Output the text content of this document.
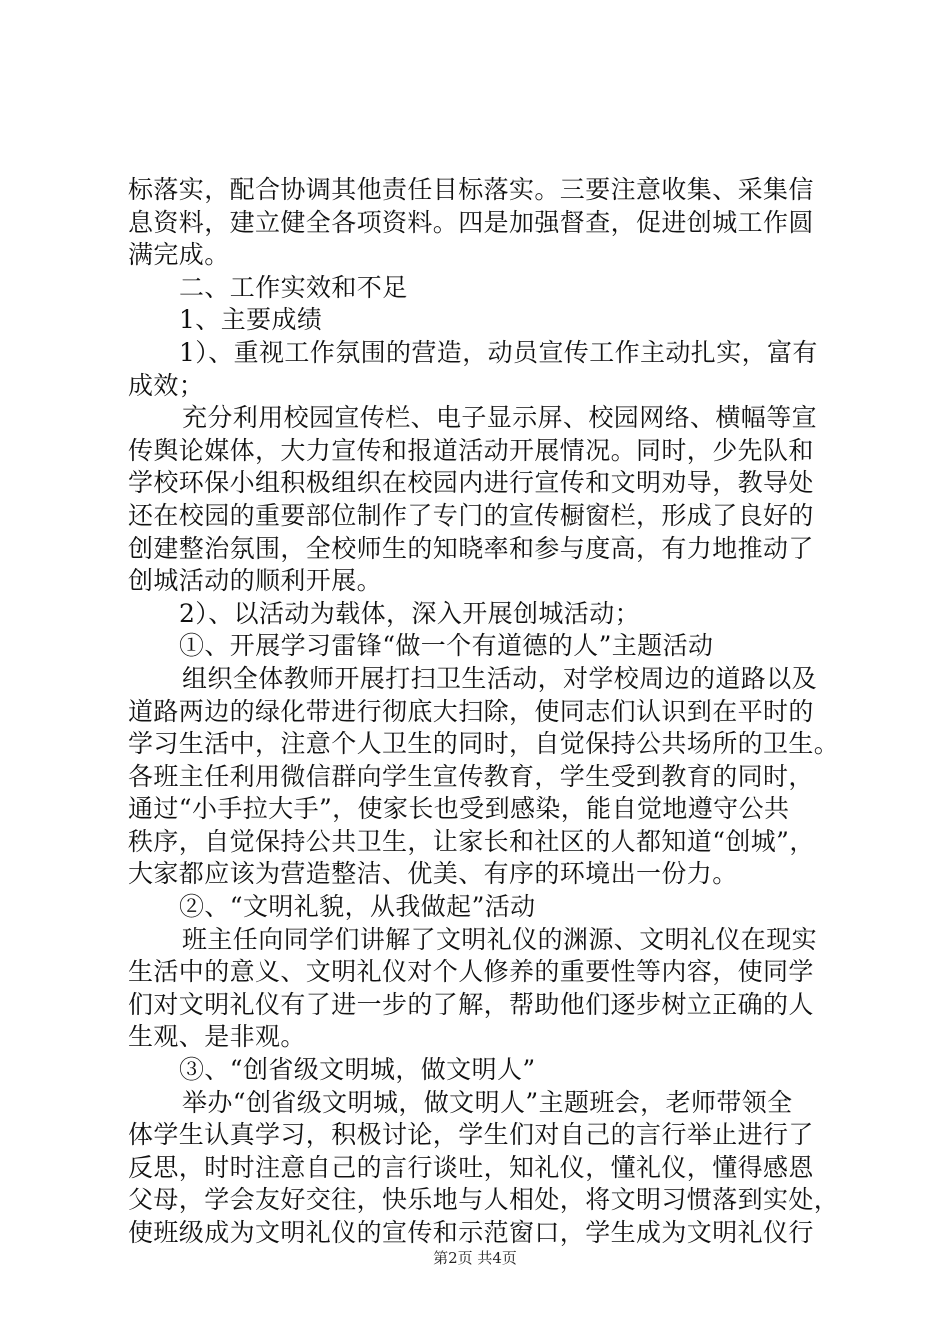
标落实，配合协调其他责任目标落实。三要注意收集、采集信
息资料，建立健全各项资料。四是加强督查，促进创城工作圆
满完成。
二、工作实效和不足
1、主要成绩
1）、重视工作氛围的营造，动员宣传工作主动扎实，富有
成效；
充分利用校园宣传栏、电子显示屏、校园网络、横幅等宣
传舆论媒体，大力宣传和报道活动开展情况。同时，少先队和
学校环保小组积极组织在校园内进行宣传和文明劝导，教导处
还在校园的重要部位制作了专门的宣传橱窗栏，形成了良好的
创建整治氛围，全校师生的知晓率和参与度高，有力地推动了
创城活动的顺利开展。
2）、以活动为载体，深入开展创城活动；
①、开展学习雷锋“做一个有道德的人”主题活动
组织全体教师开展打扫卫生活动，对学校周边的道路以及
道路两边的绿化带进行彻底大扫除，使同志们认识到在平时的
学习生活中，注意个人卫生的同时，自觉保持公共场所的卫生。
各班主任利用微信群向学生宣传教育，学生受到教育的同时，
通过“小手拉大手”，使家长也受到感染，能自觉地遵守公共
秩序，自觉保持公共卫生，让家长和社区的人都知道“创城”，
大家都应该为营造整洁、优美、有序的环境出一份力。
②、“文明礼貌，从我做起”活动
班主任向同学们讲解了文明礼仪的渊源、文明礼仪在现实
生活中的意义、文明礼仪对个人修养的重要性等内容，使同学
们对文明礼仪有了进一步的了解，帮助他们逐步树立正确的人
生观、是非观。
③、“创省级文明城，做文明人”
举办“创省级文明城，做文明人”主题班会，老师带领全
体学生认真学习，积极讨论，学生们对自己的言行举止进行了
反思，时时注意自己的言行谈吐，知礼仪，懂礼仪，懂得感恩
父母，学会友好交往，快乐地与人相处，将文明习惯落到实处，
使班级成为文明礼仪的宣传和示范窗口，学生成为文明礼仪行
第2页 共4页
